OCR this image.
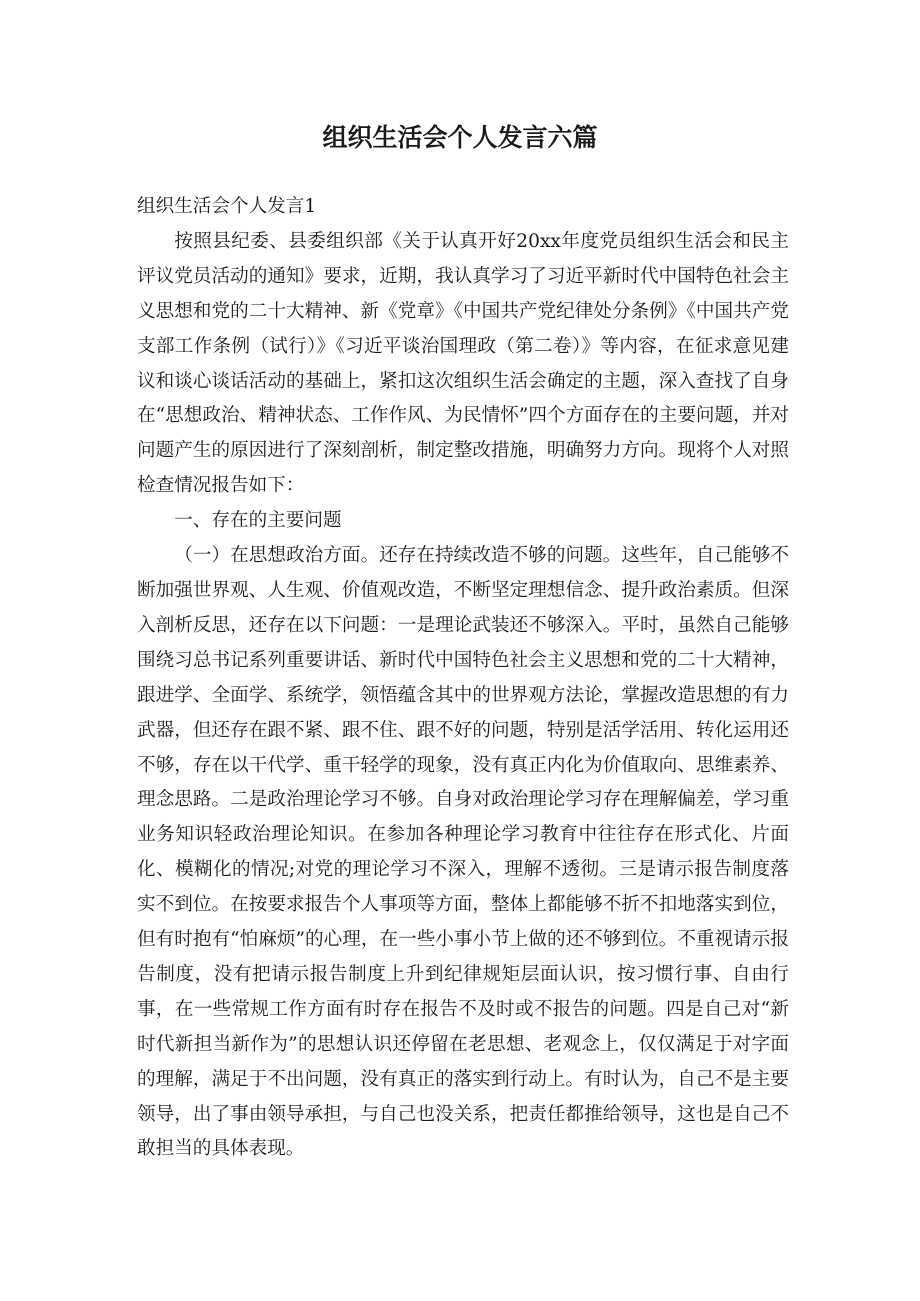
组织生活会个人发言六篇

组织生活会个人发言1

按照县纪委、县委组织部《关于认真开好20xx年度党员组织生活会和民主评议党员活动的通知》要求，近期，我认真学习了习近平新时代中国特色社会主义思想和党的二十大精神、新《党章》《中国共产党纪律处分条例》《中国共产党支部工作条例（试行）》《习近平谈治国理政（第二卷）》等内容，在征求意见建议和谈心谈话活动的基础上，紧扣这次组织生活会确定的主题，深入查找了自身在“思想政治、精神状态、工作作风、为民情怀”四个方面存在的主要问题，并对问题产生的原因进行了深刻剖析，制定整改措施，明确努力方向。现将个人对照检查情况报告如下：

一、存在的主要问题

（一）在思想政治方面。还存在持续改造不够的问题。这些年，自己能够不断加强世界观、人生观、价值观改造，不断坚定理想信念、提升政治素质。但深入剖析反思，还存在以下问题：一是理论武装还不够深入。平时，虽然自己能够围绕习总书记系列重要讲话、新时代中国特色社会主义思想和党的二十大精神，跟进学、全面学、系统学，领悟蕴含其中的世界观方法论，掌握改造思想的有力武器，但还存在跟不紧、跟不住、跟不好的问题，特别是活学活用、转化运用还不够，存在以干代学、重干轻学的现象，没有真正内化为价值取向、思维素养、理念思路。二是政治理论学习不够。自身对政治理论学习存在理解偏差，学习重业务知识轻政治理论知识。在参加各种理论学习教育中往往存在形式化、片面化、模糊化的情况;对党的理论学习不深入，理解不透彻。三是请示报告制度落实不到位。在按要求报告个人事项等方面，整体上都能够不折不扣地落实到位，但有时抱有“怕麻烦”的心理，在一些小事小节上做的还不够到位。不重视请示报告制度，没有把请示报告制度上升到纪律规矩层面认识，按习惯行事、自由行事，在一些常规工作方面有时存在报告不及时或不报告的问题。四是自己对“新时代新担当新作为”的思想认识还停留在老思想、老观念上，仅仅满足于对字面的理解，满足于不出问题，没有真正的落实到行动上。有时认为，自己不是主要领导，出了事由领导承担，与自己也没关系，把责任都推给领导，这也是自己不敢担当的具体表现。
